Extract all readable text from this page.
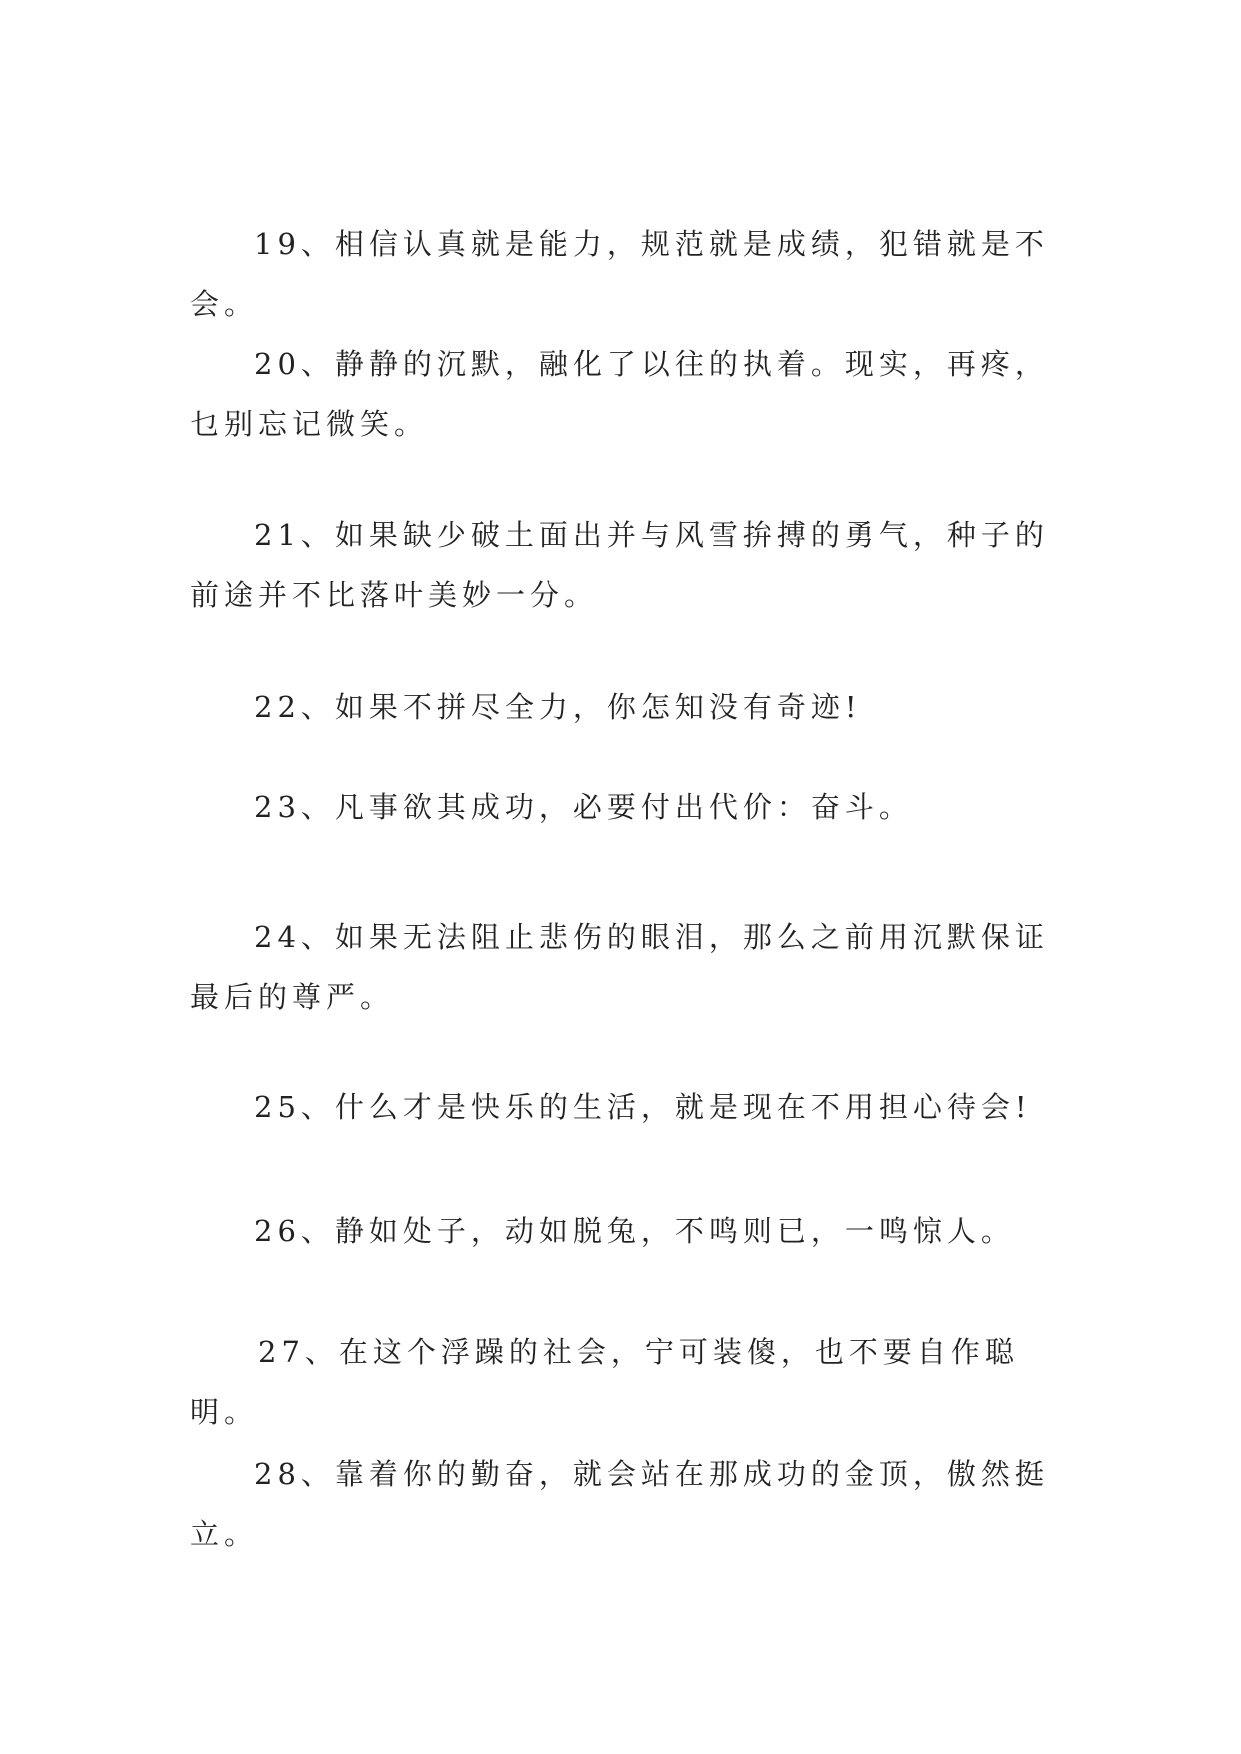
19、相信认真就是能力，规范就是成绩，犯错就是不会。

20、静静的沉默，融化了以往的执着。现实，再疼，乜别忘记微笑。

21、如果缺少破土面出并与风雪拚搏的勇气，种子的前途并不比落叶美妙一分。

22、如果不拼尽全力，你怎知没有奇迹!

23、凡事欲其成功，必要付出代价：奋斗。

24、如果无法阻止悲伤的眼泪，那么之前用沉默保证最后的尊严。

25、什么才是快乐的生活，就是现在不用担心待会!

26、静如处子，动如脱兔，不鸣则已，一鸣惊人。

27、在这个浮躁的社会，宁可装傻，也不要自作聪明。

28、靠着你的勤奋，就会站在那成功的金顶，傲然挺立。
